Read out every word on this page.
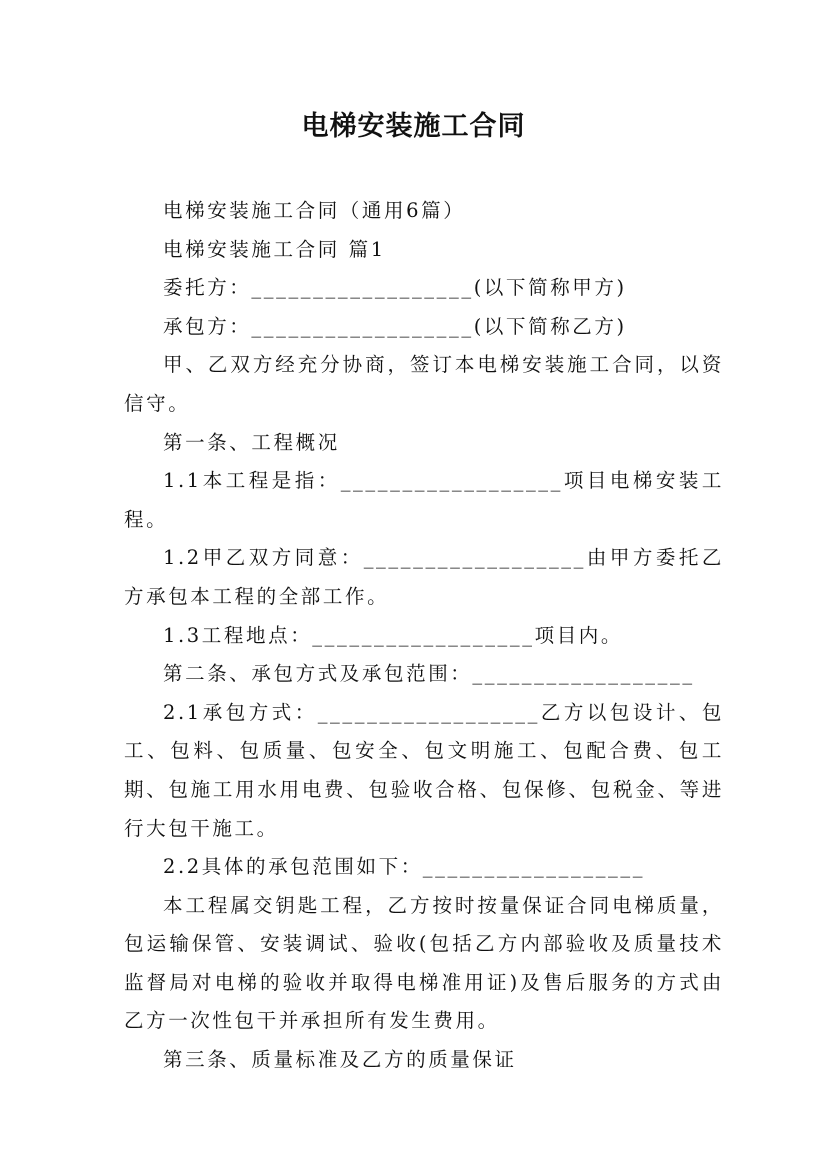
电梯安装施工合同

电梯安装施工合同（通用6篇）

电梯安装施工合同 篇1

委托方：__________________(以下简称甲方)

承包方：__________________(以下简称乙方)

甲、乙双方经充分协商，签订本电梯安装施工合同，以资信守。

第一条、工程概况

1.1本工程是指：__________________项目电梯安装工程。

1.2甲乙双方同意：__________________由甲方委托乙方承包本工程的全部工作。

1.3工程地点：__________________项目内。

第二条、承包方式及承包范围：__________________

2.1承包方式：__________________乙方以包设计、包工、包料、包质量、包安全、包文明施工、包配合费、包工期、包施工用水用电费、包验收合格、包保修、包税金、等进行大包干施工。

2.2具体的承包范围如下：__________________

本工程属交钥匙工程，乙方按时按量保证合同电梯质量，包运输保管、安装调试、验收(包括乙方内部验收及质量技术监督局对电梯的验收并取得电梯准用证)及售后服务的方式由乙方一次性包干并承担所有发生费用。

第三条、质量标准及乙方的质量保证
